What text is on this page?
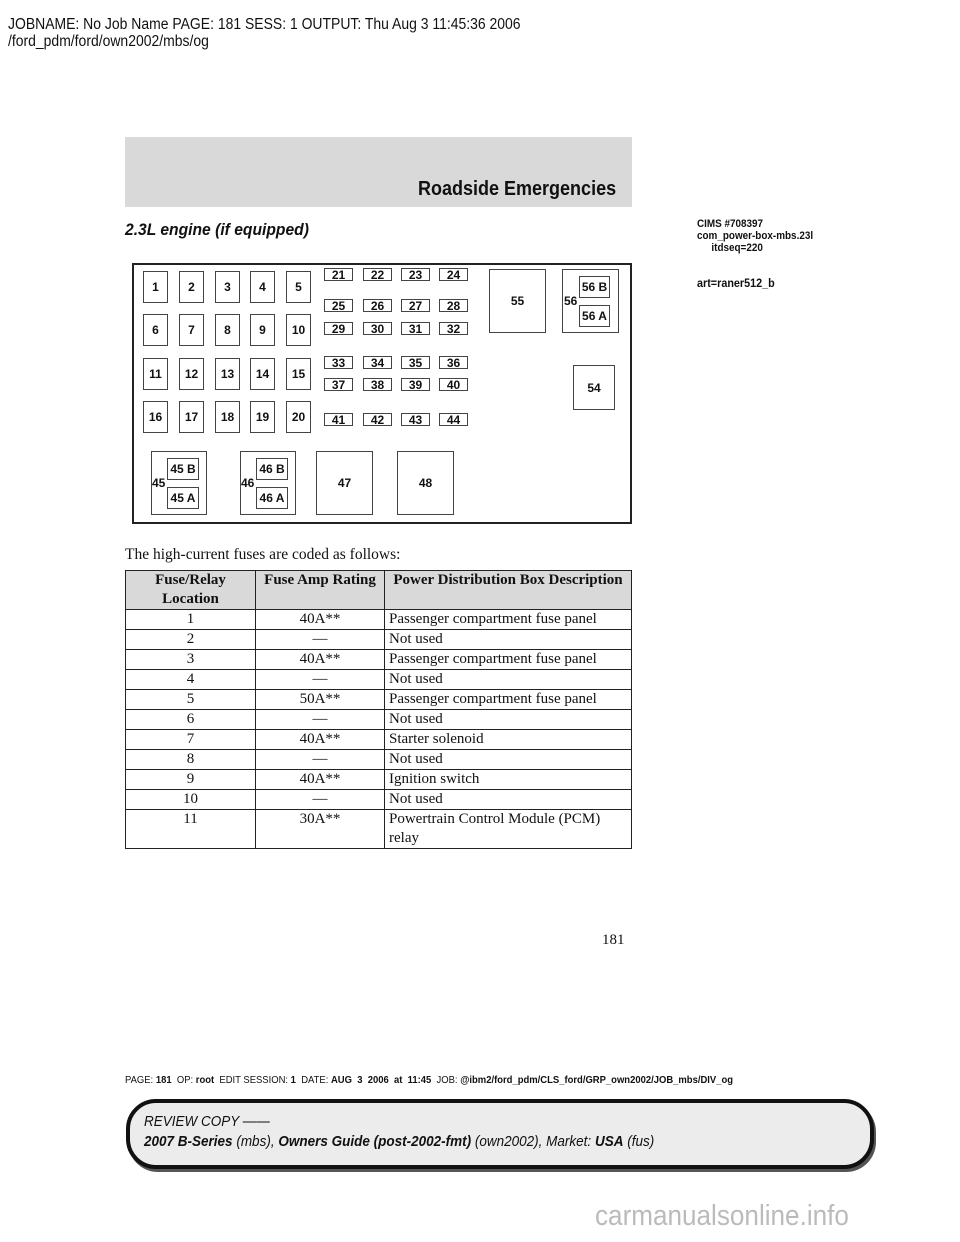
JOBNAME: No Job Name PAGE: 181 SESS: 1 OUTPUT: Thu Aug 3 11:45:36 2006
/ford_pdm/ford/own2002/mbs/og
Roadside Emergencies
2.3L engine (if equipped)	CIMS #708397
com_power-box-mbs.23l
itdseq=220
art=raner512_b
1	2	3	4	5
6	7	8	9	10
11	12	13	14	15
16	17	18	19	20
21	22	23	24
25	26	27	28
29	30	31	32
33	34	35	36
37	38	39	40
41	42	43	44
55
56 B
56 A
56
54
45 B
45 A
45
46 B
46 A
46	47	48
The high-current fuses are coded as follows:
Fuse/Relay Location	Fuse Amp Rating	Power Distribution Box Description
1	40A**	Passenger compartment fuse panel
2	—	Not used
3	40A**	Passenger compartment fuse panel
4	—	Not used
5	50A**	Passenger compartment fuse panel
6	—	Not used
7	40A**	Starter solenoid
8	—	Not used
9	40A**	Ignition switch
10	—	Not used
11	30A**	Powertrain Control Module (PCM) relay
181
PAGE: 181 OP: root EDIT SESSION: 1 DATE: AUG  3  2006  at  11:45 JOB: @ibm2/ford_pdm/CLS_ford/GRP_own2002/JOB_mbs/DIV_og
REVIEW COPY ——
2007 B-Series (mbs), Owners Guide (post-2002-fmt) (own2002), Market: USA (fus)
carmanualsonline.info
